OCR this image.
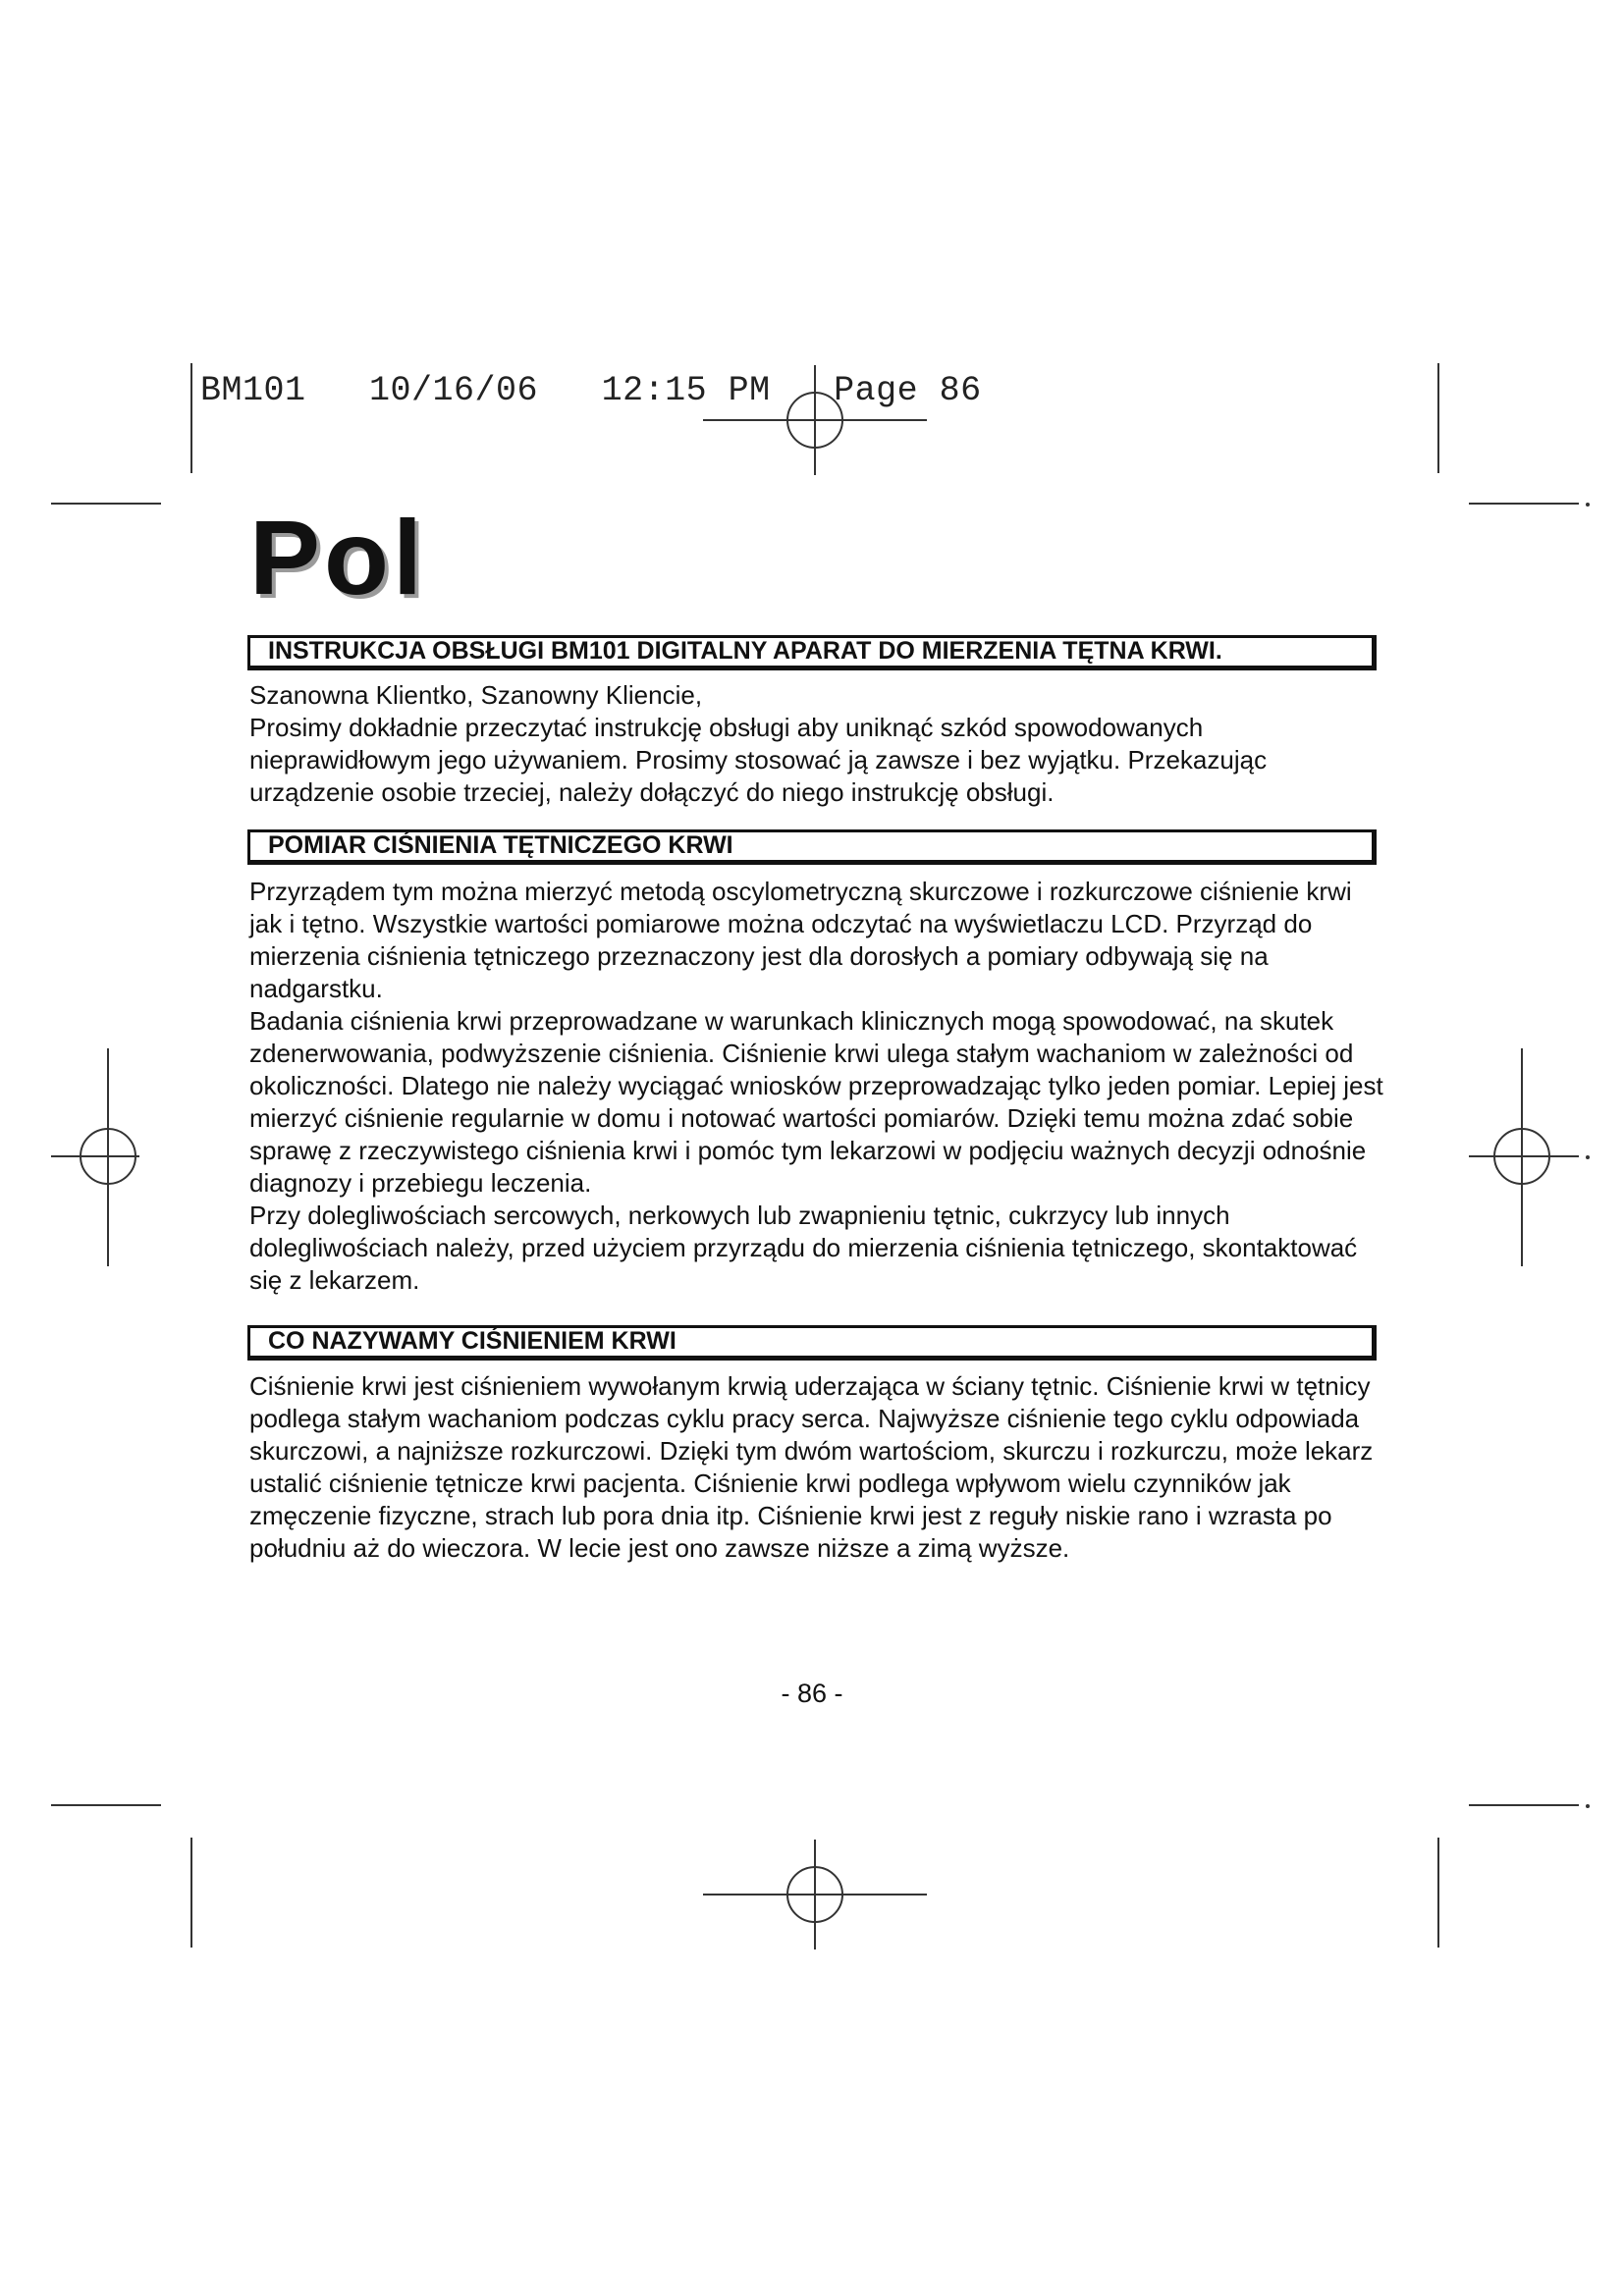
BM101   10/16/06   12:15 PM   Page 86
Pol
INSTRUKCJA OBSŁUGI BM101 DIGITALNY APARAT DO MIERZENIA TĘTNA KRWI.

Szanowna Klientko, Szanowny Kliencie,

Prosimy dokładnie przeczytać instrukcję obsługi aby uniknąć szkód spowodowanych nieprawidłowym jego używaniem. Prosimy stosować ją zawsze i bez wyjątku. Przekazując urządzenie osobie trzeciej, należy dołączyć do niego instrukcję obsługi.

POMIAR CIŚNIENIA TĘTNICZEGO KRWI

Przyrządem tym można mierzyć metodą oscylometryczną skurczowe i rozkurczowe ciśnienie krwi jak i tętno. Wszystkie wartości pomiarowe można odczytać na wyświetlaczu LCD. Przyrząd do mierzenia ciśnienia tętniczego przeznaczony jest dla dorosłych a pomiary odbywają się na nadgarstku.

Badania ciśnienia krwi przeprowadzane w warunkach klinicznych mogą spowodować, na skutek zdenerwowania, podwyższenie ciśnienia. Ciśnienie krwi ulega stałym wachaniom w zależności od okoliczności. Dlatego nie należy wyciągać wniosków przeprowadzając tylko jeden pomiar. Lepiej jest mierzyć ciśnienie regularnie w domu i notować wartości pomiarów. Dzięki temu można zdać sobie sprawę z rzeczywistego ciśnienia krwi i pomóc tym lekarzowi w podjęciu ważnych decyzji odnośnie diagnozy i przebiegu leczenia.

Przy dolegliwościach sercowych, nerkowych lub zwapnieniu tętnic, cukrzycy lub innych dolegliwościach należy, przed użyciem przyrządu do mierzenia ciśnienia tętniczego, skontaktować się z lekarzem.

CO NAZYWAMY CIŚNIENIEM KRWI

Ciśnienie krwi jest ciśnieniem wywołanym krwią uderzająca w ściany tętnic. Ciśnienie krwi w tętnicy podlega stałym wachaniom podczas cyklu pracy serca. Najwyższe ciśnienie tego cyklu odpowiada skurczowi, a najniższe rozkurczowi. Dzięki tym dwóm wartościom, skurczu i rozkurczu, może lekarz ustalić ciśnienie tętnicze krwi pacjenta. Ciśnienie krwi podlega wpływom wielu czynników jak zmęczenie fizyczne, strach lub pora dnia itp. Ciśnienie krwi jest z reguły niskie rano i wzrasta po południu aż do wieczora. W lecie jest ono zawsze niższe a zimą wyższe.

- 86 -
